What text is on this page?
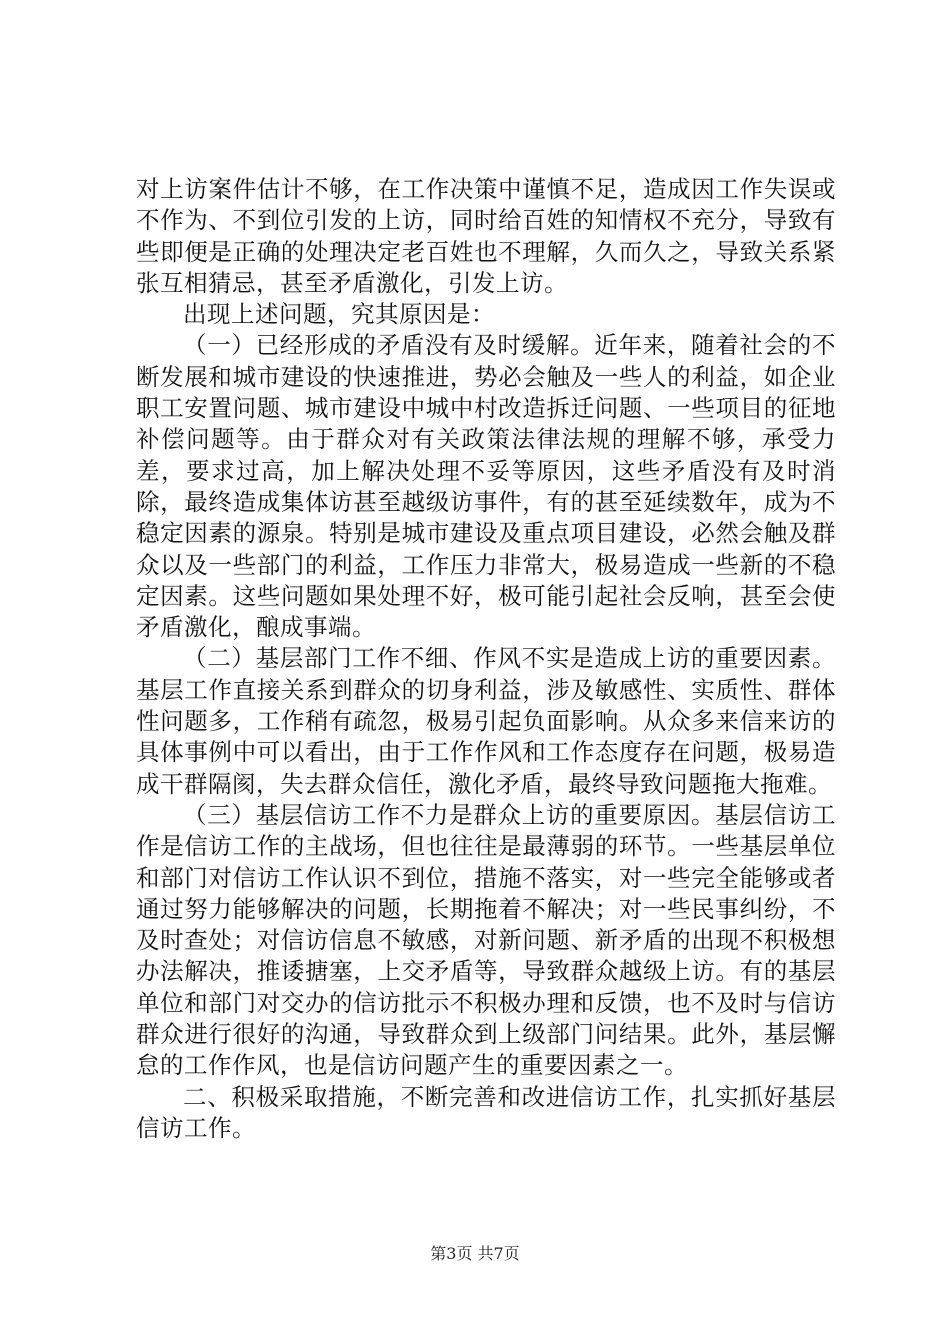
对上访案件估计不够，在工作决策中谨慎不足，造成因工作失误或不作为、不到位引发的上访，同时给百姓的知情权不充分，导致有些即便是正确的处理决定老百姓也不理解，久而久之，导致关系紧张互相猜忌，甚至矛盾激化，引发上访。

出现上述问题，究其原因是：

（一）已经形成的矛盾没有及时缓解。近年来，随着社会的不断发展和城市建设的快速推进，势必会触及一些人的利益，如企业职工安置问题、城市建设中城中村改造拆迁问题、一些项目的征地补偿问题等。由于群众对有关政策法律法规的理解不够，承受力差，要求过高，加上解决处理不妥等原因，这些矛盾没有及时消除，最终造成集体访甚至越级访事件，有的甚至延续数年，成为不稳定因素的源泉。特别是城市建设及重点项目建设，必然会触及群众以及一些部门的利益，工作压力非常大，极易造成一些新的不稳定因素。这些问题如果处理不好，极可能引起社会反响，甚至会使矛盾激化，酿成事端。

（二）基层部门工作不细、作风不实是造成上访的重要因素。基层工作直接关系到群众的切身利益，涉及敏感性、实质性、群体性问题多，工作稍有疏忽，极易引起负面影响。从众多来信来访的具体事例中可以看出，由于工作作风和工作态度存在问题，极易造成干群隔阂，失去群众信任，激化矛盾，最终导致问题拖大拖难。

（三）基层信访工作不力是群众上访的重要原因。基层信访工作是信访工作的主战场，但也往往是最薄弱的环节。一些基层单位和部门对信访工作认识不到位，措施不落实，对一些完全能够或者通过努力能够解决的问题，长期拖着不解决；对一些民事纠纷，不及时查处；对信访信息不敏感，对新问题、新矛盾的出现不积极想办法解决，推诿搪塞，上交矛盾等，导致群众越级上访。有的基层单位和部门对交办的信访批示不积极办理和反馈，也不及时与信访群众进行很好的沟通，导致群众到上级部门问结果。此外，基层懈怠的工作作风，也是信访问题产生的重要因素之一。

二、积极采取措施，不断完善和改进信访工作，扎实抓好基层信访工作。

第3页 共7页
